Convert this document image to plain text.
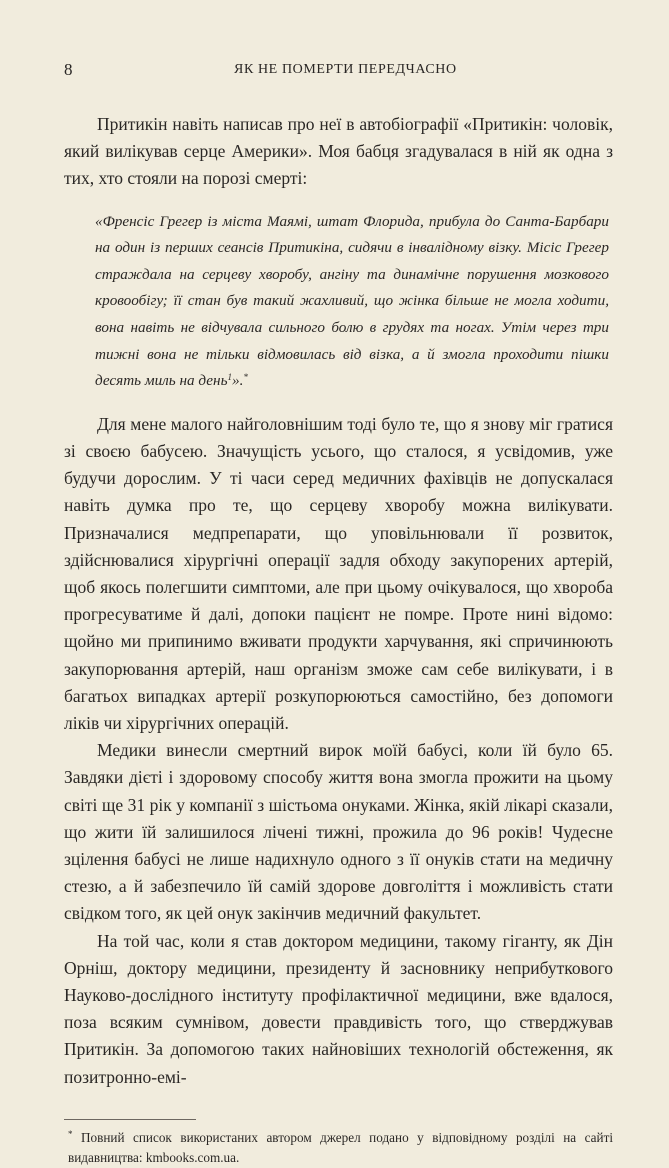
8	ЯК НЕ ПОМЕРТИ ПЕРЕДЧАСНО

Притикін навіть написав про неї в автобіографії «Притикін: чоловік, який вилікував серце Америки». Моя бабця згадувалася в ній як одна з тих, хто стояли на порозі смерті:

«Френсіс Грегер із міста Маямі, штат Флорида, прибула до Санта-Барбари на один із перших сеансів Притикіна, сидячи в інвалідному візку. Місіс Грегер страждала на серцеву хворобу, ангіну та динамічне порушення мозкового кровообігу; її стан був такий жахливий, що жінка більше не могла ходити, вона навіть не відчувала сильного болю в грудях та ногах. Утім через три тижні вона не тільки відмовилась від візка, а й змогла проходити пішки десять миль на день$^1$».*

Для мене малого найголовнішим тоді було те, що я знову міг гратися зі своєю бабусею. Значущість усього, що сталося, я усвідомив, уже будучи дорослим. У ті часи серед медичних фахівців не допускалася навіть думка про те, що серцеву хворобу можна вилікувати. Призначалися медпрепарати, що уповільнювали її розвиток, здійснювалися хірургічні операції задля обходу закупорених артерій, щоб якось полегшити симптоми, але при цьому очікувалося, що хвороба прогресуватиме й далі, допоки пацієнт не помре. Проте нині відомо: щойно ми припинимо вживати продукти харчування, які спричинюють закупорювання артерій, наш організм зможе сам себе вилікувати, і в багатьох випадках артерії розкупорюються самостійно, без допомоги ліків чи хірургічних операцій.

Медики винесли смертний вирок моїй бабусі, коли їй було 65. Завдяки дієті і здоровому способу життя вона змогла прожити на цьому світі ще 31 рік у компанії з шістьома онуками. Жінка, якій лікарі сказали, що жити їй залишилося лічені тижні, прожила до 96 років! Чудесне зцілення бабусі не лише надихнуло одного з її онуків стати на медичну стезю, а й забезпечило їй самій здорове довголіття і можливість стати свідком того, як цей онук закінчив медичний факультет.

На той час, коли я став доктором медицини, такому гіганту, як Дін Орніш, доктору медицини, президенту й засновнику неприбуткового Науково-дослідного інституту профілактичної медицини, вже вдалося, поза всяким сумнівом, довести правдивість того, що стверджував Притикін. За допомогою таких найновіших технологій обстеження, як позитронно-емі-

* Повний список використаних автором джерел подано у відповідному розділі на сайті видавництва: kmbooks.com.ua.
